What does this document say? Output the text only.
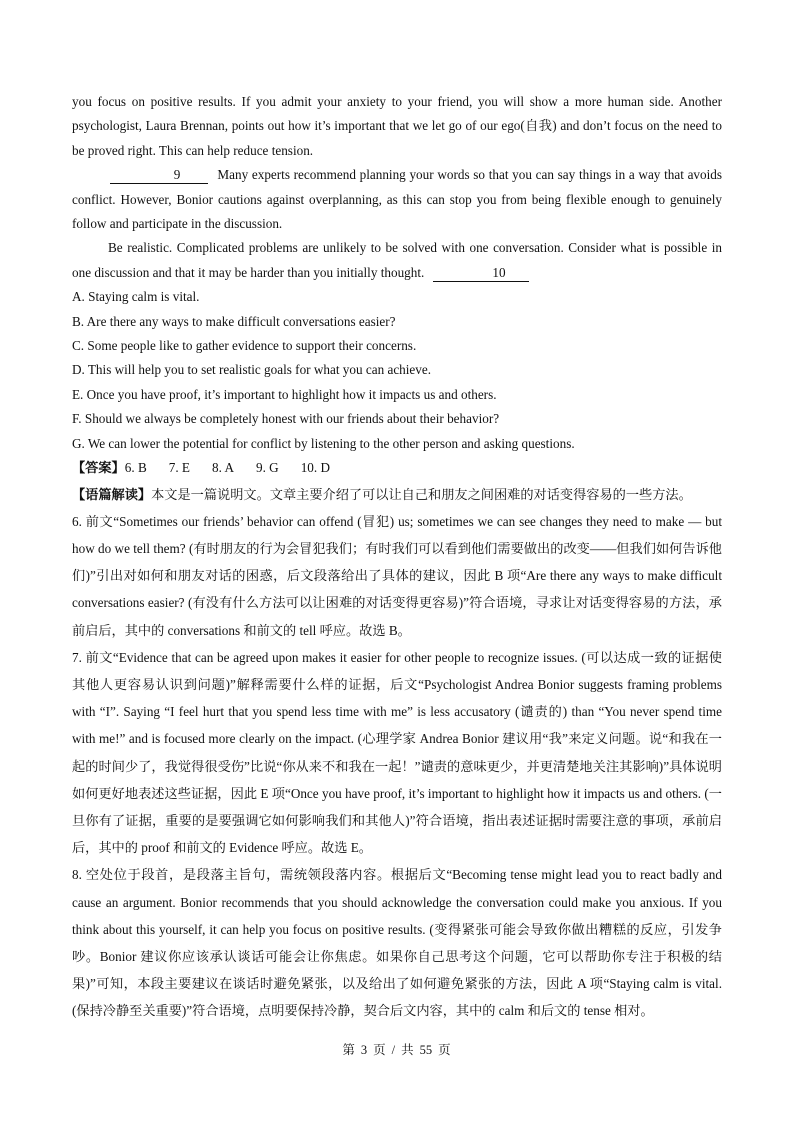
you focus on positive results. If you admit your anxiety to your friend, you will show a more human side. Another psychologist, Laura Brennan, points out how it’s important that we let go of our ego(自我) and don’t focus on the need to be proved right. This can help reduce tension.

9	Many experts recommend planning your words so that you can say things in a way that avoids conflict. However, Bonior cautions against overplanning, as this can stop you from being flexible enough to genuinely follow and participate in the discussion.

Be realistic. Complicated problems are unlikely to be solved with one conversation. Consider what is possible in one discussion and that it may be harder than you initially thought.	10

A. Staying calm is vital.

B. Are there any ways to make difficult conversations easier?

C. Some people like to gather evidence to support their concerns.

D. This will help you to set realistic goals for what you can achieve.

E. Once you have proof, it’s important to highlight how it impacts us and others.

F. Should we always be completely honest with our friends about their behavior?

G. We can lower the potential for conflict by listening to the other person and asking questions.

【答案】6. B 7. E 8. A 9. G 10. D

【语篇解读】本文是一篇说明文。文章主要介绍了可以让自己和朋友之间困难的对话变得容易的一些方法。

6. 前文“Sometimes our friends’ behavior can offend (冒犯) us; sometimes we can see changes they need to make — but how do we tell them? (有时朋友的行为会冒犯我们；有时我们可以看到他们需要做出的改变——但我们如何告诉他们)”引出对如何和朋友对话的困惑，后文段落给出了具体的建议，因此 B 项“Are there any ways to make difficult conversations easier? (有没有什么方法可以让困难的对话变得更容易)”符合语境，寻求让对话变得容易的方法，承前启后，其中的 conversations 和前文的 tell 呼应。故选 B。

7. 前文“Evidence that can be agreed upon makes it easier for other people to recognize issues. (可以达成一致的证据使其他人更容易认识到问题)”解释需要什么样的证据，后文“Psychologist Andrea Bonior suggests framing problems with “I”. Saying “I feel hurt that you spend less time with me” is less accusatory (谴责的) than “You never spend time with me!” and is focused more clearly on the impact. (心理学家 Andrea Bonior 建议用“我”来定义问题。说“和我在一起的时间少了，我觉得很受伤”比说“你从来不和我在一起！”谴责的意味更少，并更清楚地关注其影响)”具体说明如何更好地表述这些证据，因此 E 项“Once you have proof, it’s important to highlight how it impacts us and others. (一旦你有了证据，重要的是要强调它如何影响我们和其他人)”符合语境，指出表述证据时需要注意的事项，承前启后，其中的 proof 和前文的 Evidence 呼应。故选 E。

8. 空处位于段首，是段落主旨句，需统领段落内容。根据后文“Becoming tense might lead you to react badly and cause an argument. Bonior recommends that you should acknowledge the conversation could make you anxious. If you think about this yourself, it can help you focus on positive results. (变得紧张可能会导致你做出糟糕的反应，引发争吵。Bonior 建议你应该承认谈话可能会让你焦虑。如果你自己思考这个问题，它可以帮助你专注于积极的结果)”可知，本段主要建议在谈话时避免紧张，以及给出了如何避免紧张的方法，因此 A 项“Staying calm is vital. (保持冷静至关重要)”符合语境，点明要保持冷静，契合后文内容，其中的 calm 和后文的 tense 相对。

第 3 页 / 共 55 页
